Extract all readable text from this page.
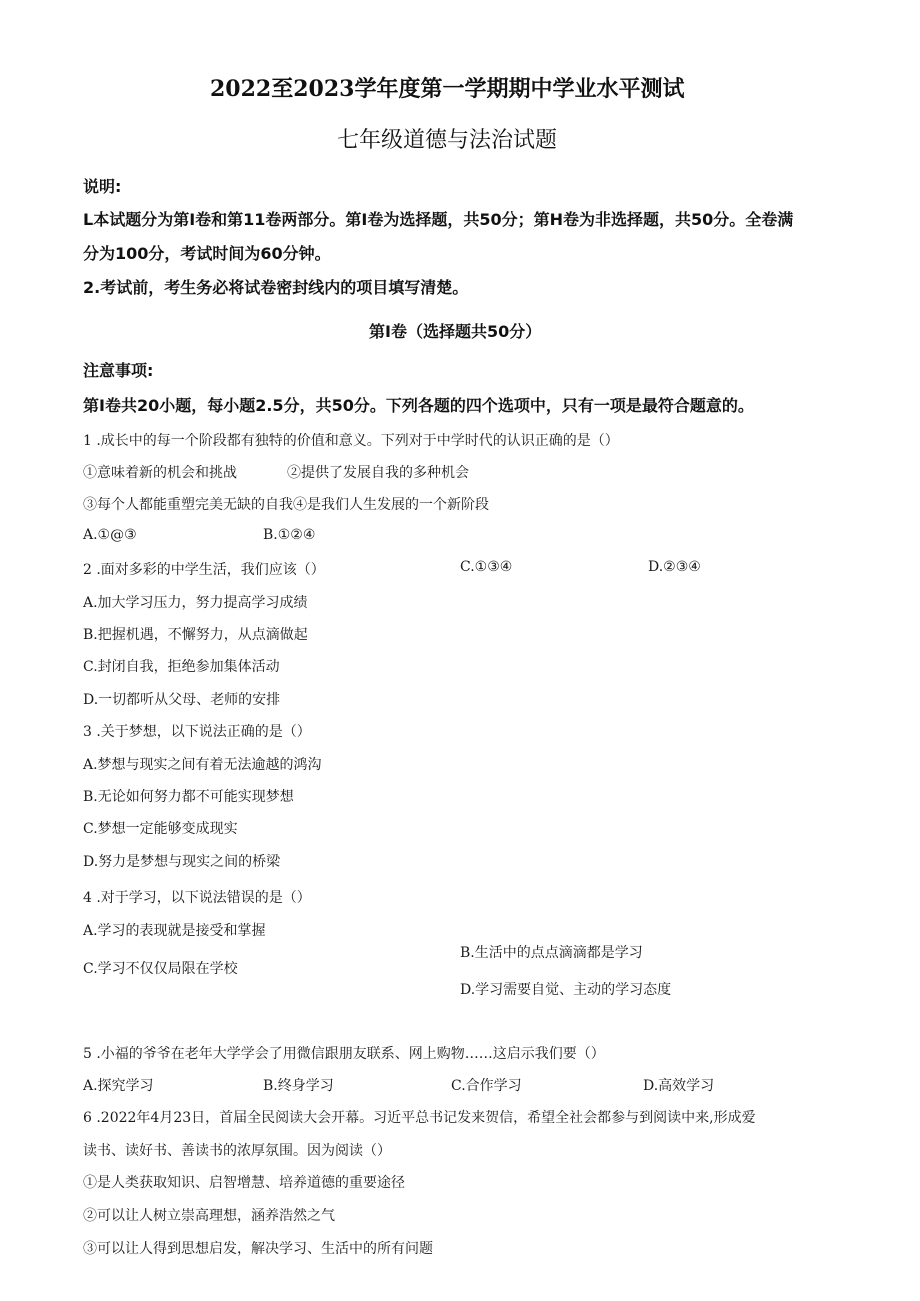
2022至2023学年度第一学期期中学业水平测试
七年级道德与法治试题
说明:
L本试题分为第I卷和第11卷两部分。第I卷为选择题，共50分；第H卷为非选择题，共50分。全卷满
分为100分，考试时间为60分钟。
2.考试前，考生务必将试卷密封线内的项目填写清楚。
第I卷（选择题共50分）
注意事项:
第I卷共20小题，每小题2.5分，共50分。下列各题的四个选项中，只有一项是最符合题意的。
1 .成长中的每一个阶段都有独特的价值和意义。下列对于中学时代的认识正确的是（）
①意味着新的机会和挑战	②提供了发展自我的多种机会
③每个人都能重塑完美无缺的自我④是我们人生发展的一个新阶段
A.①@③	B.①②④
C.①③④	D.②③④
2 .面对多彩的中学生活，我们应该（）
A.加大学习压力，努力提高学习成绩
B.把握机遇，不懈努力，从点滴做起
C.封闭自我，拒绝参加集体活动
D.一切都听从父母、老师的安排
3 .关于梦想，以下说法正确的是（）
A.梦想与现实之间有着无法逾越的鸿沟
B.无论如何努力都不可能实现梦想
C.梦想一定能够变成现实
D.努力是梦想与现实之间的桥梁
4 .对于学习，以下说法错误的是（）
A.学习的表现就是接受和掌握
B.生活中的点点滴滴都是学习
C.学习不仅仅局限在学校
D.学习需要自觉、主动的学习态度
5 .小福的爷爷在老年大学学会了用微信跟朋友联系、网上购物……这启示我们要（）
A.探究学习	B.终身学习	C.合作学习	D.高效学习
6 .2022年4月23日，首届全民阅读大会开幕。习近平总书记发来贺信，希望全社会都参与到阅读中来,形成爱
读书、读好书、善读书的浓厚氛围。因为阅读（）
①是人类获取知识、启智增慧、培养道德的重要途径
②可以让人树立崇高理想，涵养浩然之气
③可以让人得到思想启发，解决学习、生活中的所有问题
